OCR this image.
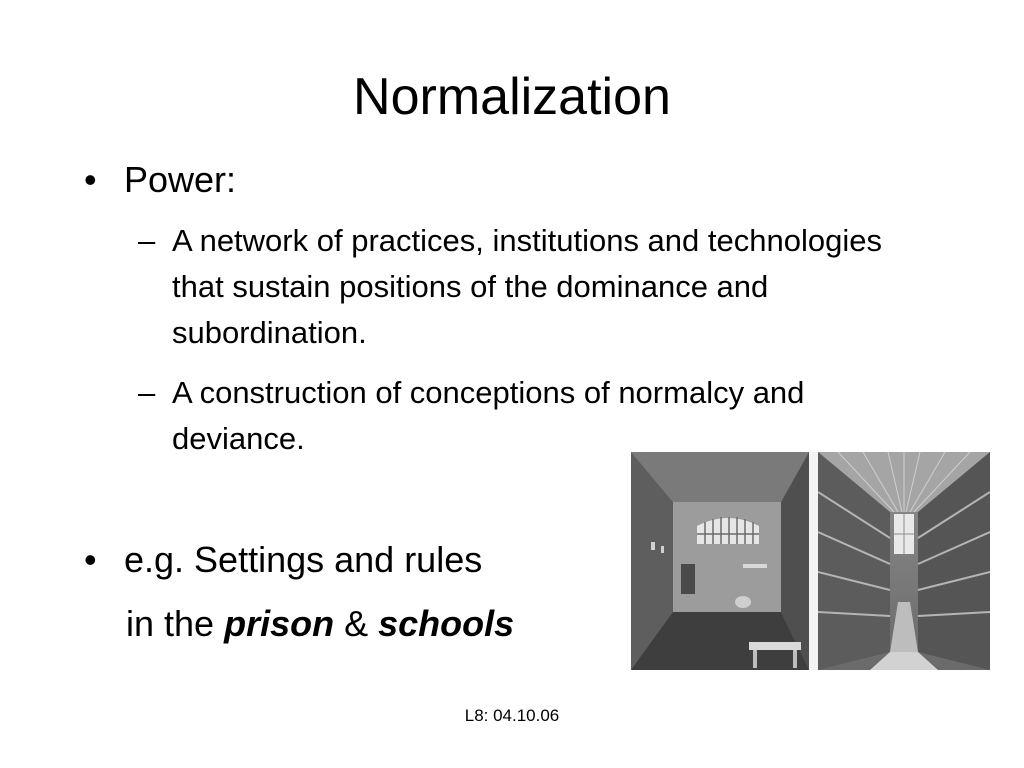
Normalization
• Power:
– A network of practices, institutions and technologies that sustain positions of the dominance and subordination.
– A construction of conceptions of normalcy and deviance.
• e.g. Settings and rules
in the prison & schools
L8: 04.10.06
